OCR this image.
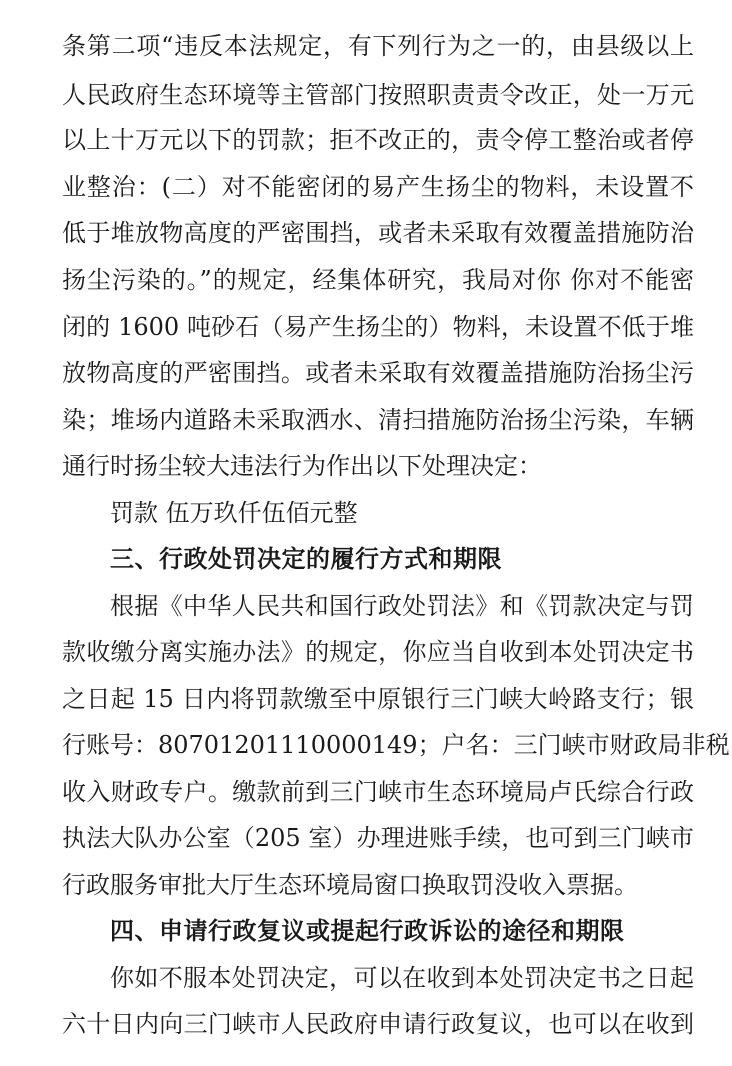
条第二项“违反本法规定，有下列行为之一的，由县级以上
人民政府生态环境等主管部门按照职责责令改正，处一万元
以上十万元以下的罚款；拒不改正的，责令停工整治或者停
业整治：(二）对不能密闭的易产生扬尘的物料，未设置不
低于堆放物高度的严密围挡，或者未采取有效覆盖措施防治
扬尘污染的。”的规定，经集体研究，我局对你 你对不能密
闭的 1600 吨砂石（易产生扬尘的）物料，未设置不低于堆
放物高度的严密围挡。或者未采取有效覆盖措施防治扬尘污
染；堆场内道路未采取洒水、清扫措施防治扬尘污染，车辆
通行时扬尘较大违法行为作出以下处理决定：
罚款 伍万玖仟伍佰元整
三、行政处罚决定的履行方式和期限
根据《中华人民共和国行政处罚法》和《罚款决定与罚
款收缴分离实施办法》的规定，你应当自收到本处罚决定书
之日起 15 日内将罚款缴至中原银行三门峡大岭路支行；银
行账号：80701201110000149；户名：三门峡市财政局非税
收入财政专户。缴款前到三门峡市生态环境局卢氏综合行政
执法大队办公室（205 室）办理进账手续，也可到三门峡市
行政服务审批大厅生态环境局窗口换取罚没收入票据。
四、申请行政复议或提起行政诉讼的途径和期限
你如不服本处罚决定，可以在收到本处罚决定书之日起
六十日内向三门峡市人民政府申请行政复议，也可以在收到
